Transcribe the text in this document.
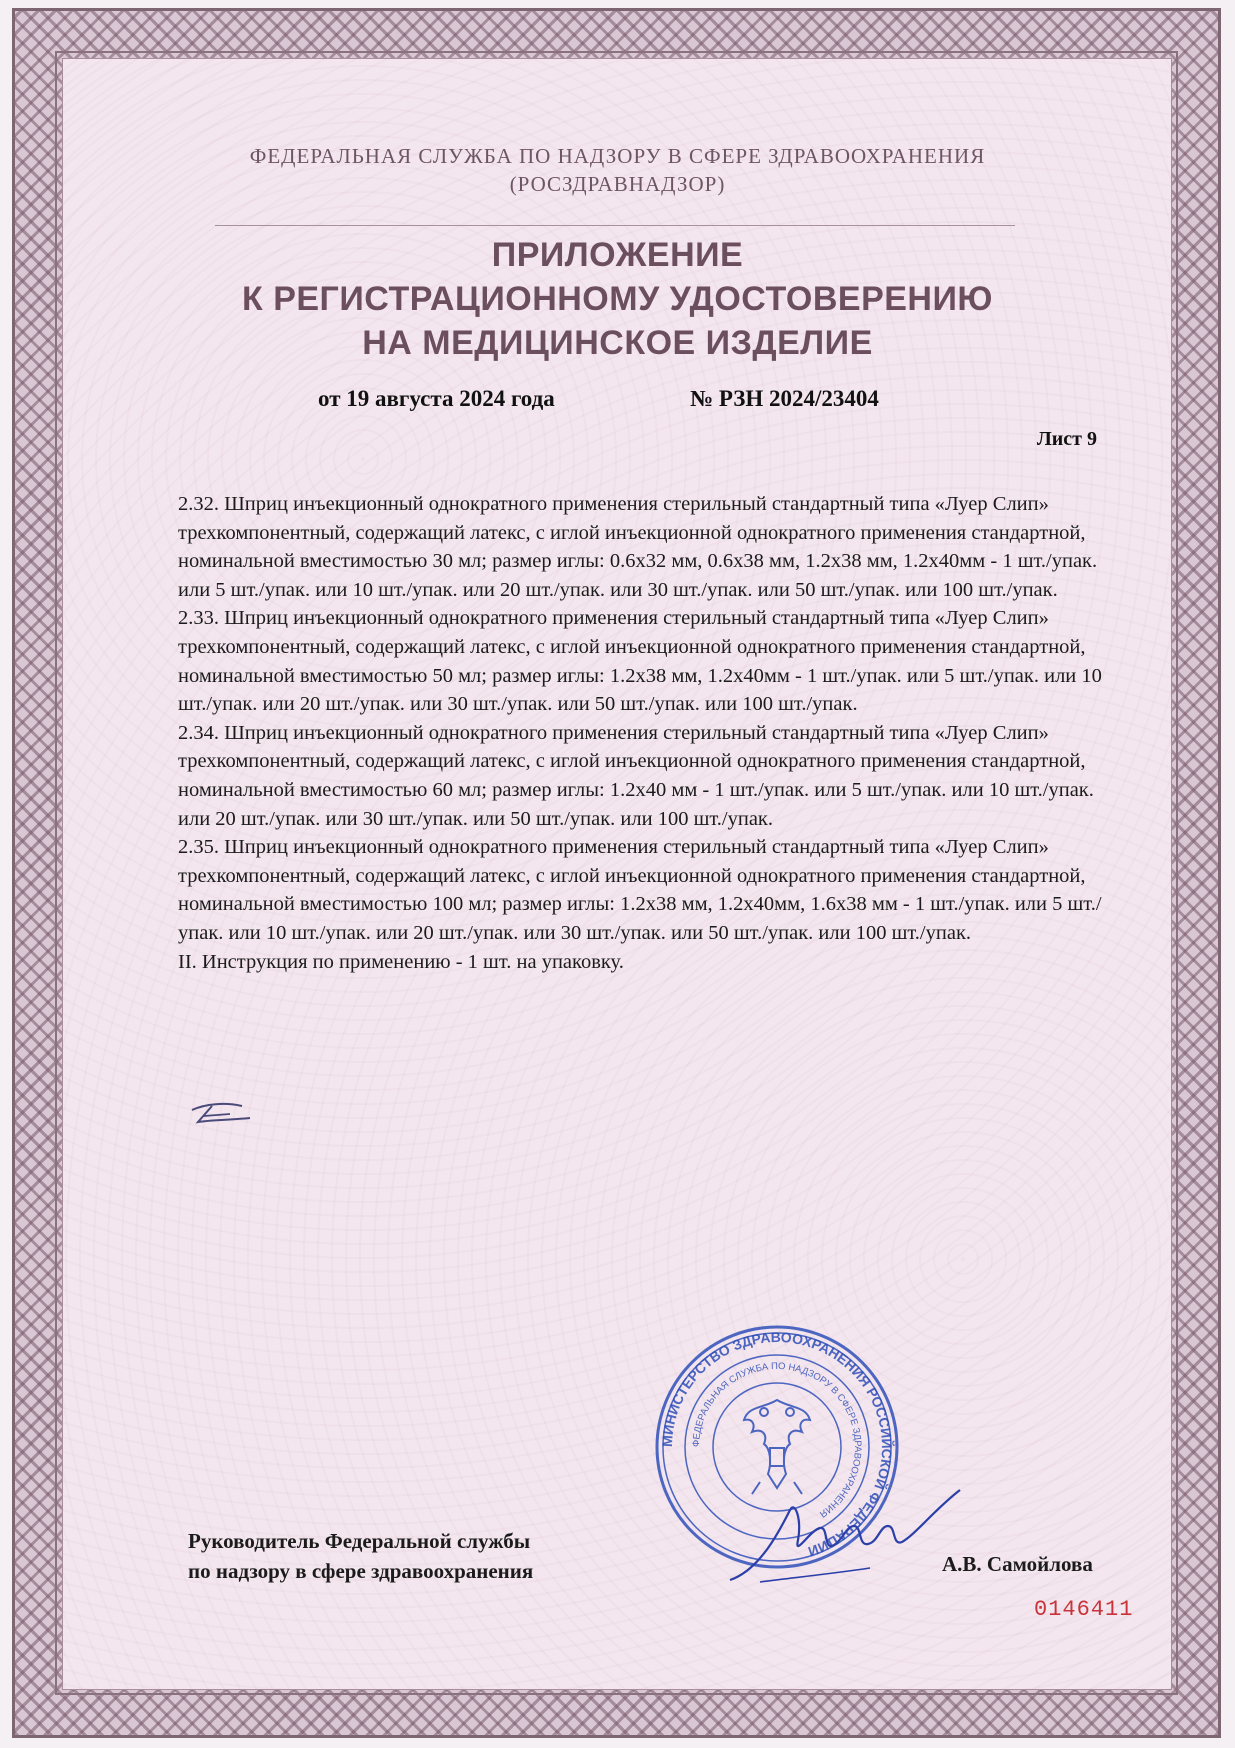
ФЕДЕРАЛЬНАЯ СЛУЖБА ПО НАДЗОРУ В СФЕРЕ ЗДРАВООХРАНЕНИЯ
(РОСЗДРАВНАДЗОР)
ПРИЛОЖЕНИЕ
К РЕГИСТРАЦИОННОМУ УДОСТОВЕРЕНИЮ
НА МЕДИЦИНСКОЕ ИЗДЕЛИЕ
от 19 августа 2024 года	№ РЗН 2024/23404
Лист 9

2.32. Шприц инъекционный однократного применения стерильный стандартный типа «Луер Слип» трехкомпонентный, содержащий латекс, с иглой инъекционной однократного применения стандартной, номинальной вместимостью 30 мл; размер иглы: 0.6х32 мм, 0.6х38 мм, 1.2х38 мм, 1.2х40мм - 1 шт./упак. или 5 шт./упак. или 10 шт./упак. или 20 шт./упак. или 30 шт./упак. или 50 шт./упак. или 100 шт./упак.

2.33. Шприц инъекционный однократного применения стерильный стандартный типа «Луер Слип» трехкомпонентный, содержащий латекс, с иглой инъекционной однократного применения стандартной, номинальной вместимостью 50 мл; размер иглы: 1.2х38 мм, 1.2х40мм - 1 шт./упак. или 5 шт./упак. или 10 шт./упак. или 20 шт./упак. или 30 шт./упак. или 50 шт./упак. или 100 шт./упак.

2.34. Шприц инъекционный однократного применения стерильный стандартный типа «Луер Слип» трехкомпонентный, содержащий латекс, с иглой инъекционной однократного применения стандартной, номинальной вместимостью 60 мл; размер иглы: 1.2х40 мм - 1 шт./упак. или 5 шт./упак. или 10 шт./упак. или 20 шт./упак. или 30 шт./упак. или 50 шт./упак. или 100 шт./упак.

2.35. Шприц инъекционный однократного применения стерильный стандартный типа «Луер Слип» трехкомпонентный, содержащий латекс, с иглой инъекционной однократного применения стандартной, номинальной вместимостью 100 мл; размер иглы: 1.2х38 мм, 1.2х40мм, 1.6х38 мм - 1 шт./упак. или 5 шт./упак. или 10 шт./упак. или 20 шт./упак. или 30 шт./упак. или 50 шт./упак. или 100 шт./упак.

II. Инструкция по применению - 1 шт. на упаковку.

МИНИСТЕРСТВО ЗДРАВООХРАНЕНИЯ РОССИЙСКОЙ ФЕДЕРАЦИИ
ФЕДЕРАЛЬНАЯ СЛУЖБА ПО НАДЗОРУ В СФЕРЕ ЗДРАВООХРАНЕНИЯ
Руководитель Федеральной службы
по надзору в сфере здравоохранения	А.В. Самойлова
0146411
